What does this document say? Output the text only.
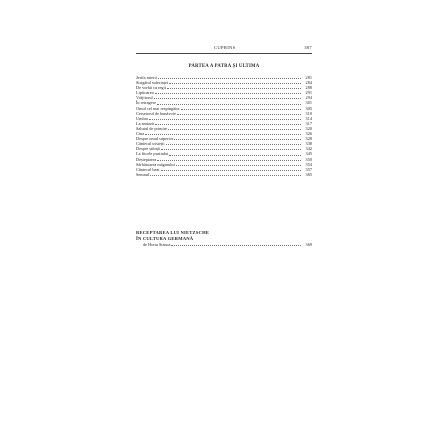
CUPRINS	387
PARTEA A PATRA ȘI ULTIMA
Jertfa mierii	281
Strigătul suferinței	284
De vorbă cu regii	288
Lipitoarea	291
Vrăjitorul	294
În retragere	301
Omul cel mai respingător	305
Cerșetorul de bunăvoie	310
Umbra	314
La amiază	317
Salutul de primire	320
Cina	326
Despre omul superior	328
Cântecul tristeții	338
Despre știință	342
La fiicele pustiului	345
Deșteptarea	350
Sărbătoarea măgarului	354
Cântecul beat	357
Semnul	365
RECEPTAREA LUI NIETZSCHE
ÎN CULTURA GERMANĂ
de Horia Stanca	369
